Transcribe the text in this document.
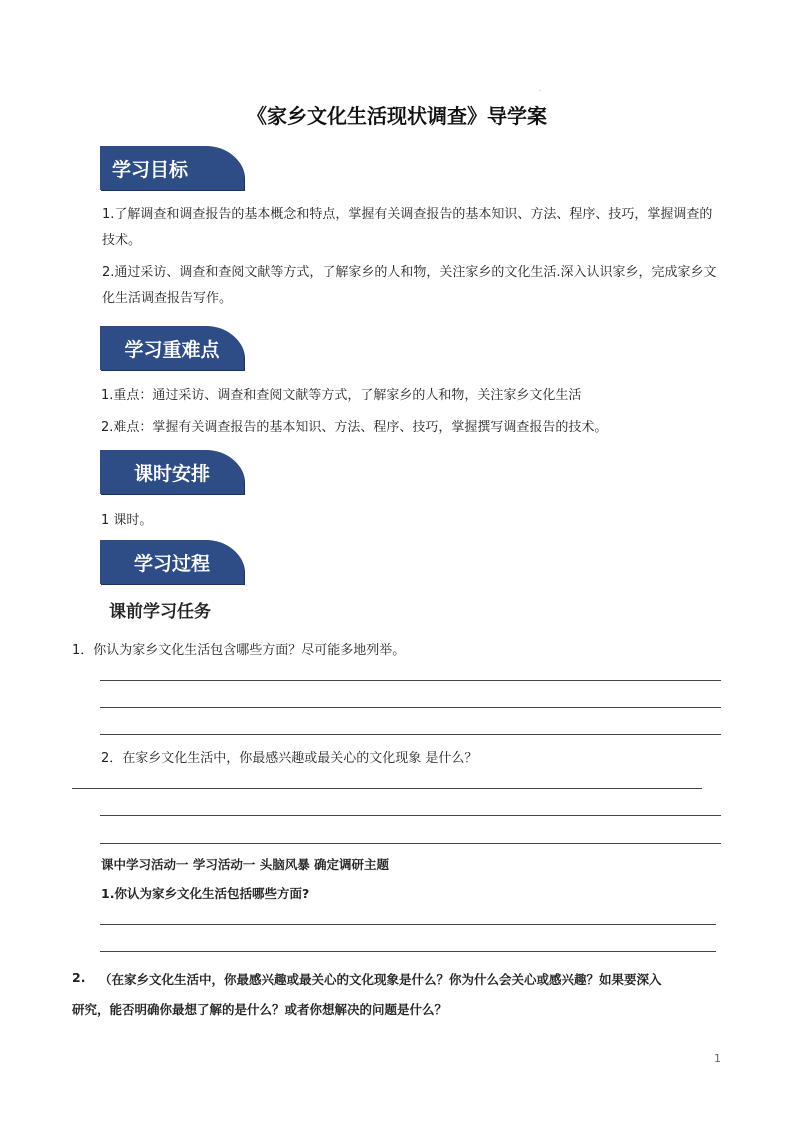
.
《家乡文化生活现状调查》导学案
学习目标
1.了解调查和调查报告的基本概念和特点，掌握有关调查报告的基本知识、方法、程序、技巧，掌握调查的技术。
2.通过采访、调查和查阅文献等方式，了解家乡的人和物，关注家乡的文化生活.深入认识家乡，完成家乡文化生活调查报告写作。
学习重难点
1.重点：通过采访、调查和查阅文献等方式，了解家乡的人和物，关注家乡文化生活
2.难点：掌握有关调查报告的基本知识、方法、程序、技巧，掌握撰写调查报告的技术。
课时安排
1 课时。
学习过程
课前学习任务
1．你认为家乡文化生活包含哪些方面？尽可能多地列举。
2．在家乡文化生活中，你最感兴趣或最关心的文化现象 是什么？
课中学习活动一 学习活动一 头脑风暴 确定调研主题
1.你认为家乡文化生活包括哪些方面?
2. （在家乡文化生活中，你最感兴趣或最关心的文化现象是什么？你为什么会关心或感兴趣？如果要深入
研究，能否明确你最想了解的是什么？或者你想解决的问题是什么？
1
